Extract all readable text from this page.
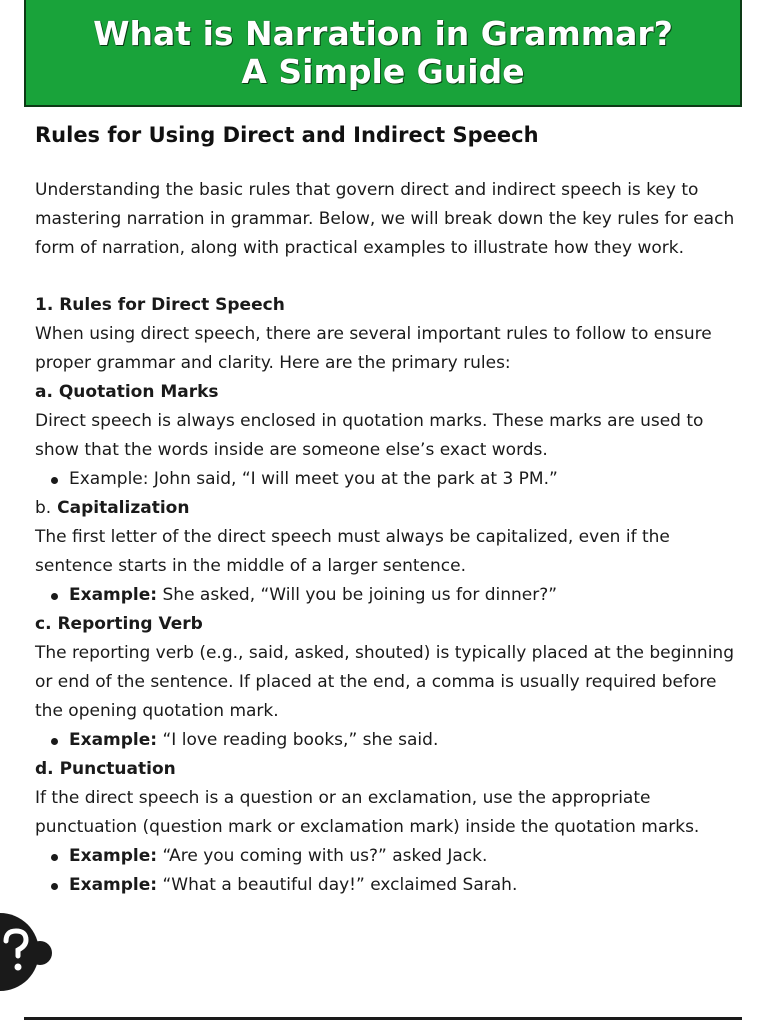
What is Narration in Grammar?
A Simple Guide
Rules for Using Direct and Indirect Speech
Understanding the basic rules that govern direct and indirect speech is key to mastering narration in grammar. Below, we will break down the key rules for each form of narration, along with practical examples to illustrate how they work.
1. Rules for Direct Speech
When using direct speech, there are several important rules to follow to ensure proper grammar and clarity. Here are the primary rules:
a. Quotation Marks
Direct speech is always enclosed in quotation marks. These marks are used to show that the words inside are someone else’s exact words.
Example: John said, “I will meet you at the park at 3 PM.”
b. Capitalization
The first letter of the direct speech must always be capitalized, even if the sentence starts in the middle of a larger sentence.
Example: She asked, “Will you be joining us for dinner?”
c. Reporting Verb
The reporting verb (e.g., said, asked, shouted) is typically placed at the beginning or end of the sentence. If placed at the end, a comma is usually required before the opening quotation mark.
Example: “I love reading books,” she said.
d. Punctuation
If the direct speech is a question or an exclamation, use the appropriate punctuation (question mark or exclamation mark) inside the quotation marks.
Example: “Are you coming with us?” asked Jack.
Example: “What a beautiful day!” exclaimed Sarah.
